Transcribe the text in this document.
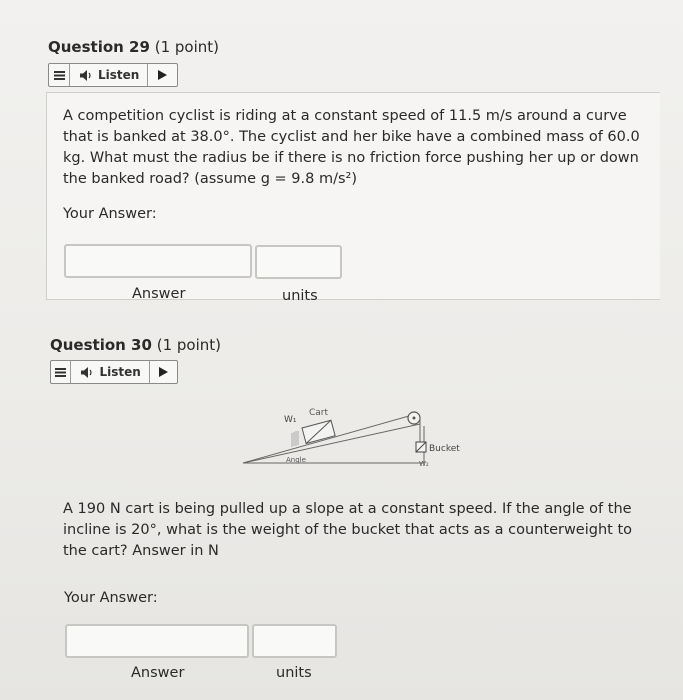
Question 29 (1 point)
Listen
A competition cyclist is riding at a constant speed of 11.5 m/s around a curve that is banked at 38.0°. The cyclist and her bike have a combined mass of 60.0 kg. What must the radius be if there is no friction force pushing her up or down the banked road? (assume g = 9.8 m/s²)
Your Answer:
Answer	units
Question 30 (1 point)
Listen
W₁
Cart
Angle
Bucket
W₂
A 190 N cart is being pulled up a slope at a constant speed. If the angle of the incline is 20°, what is the weight of the bucket that acts as a counterweight to the cart? Answer in N
Your Answer:
Answer	units
